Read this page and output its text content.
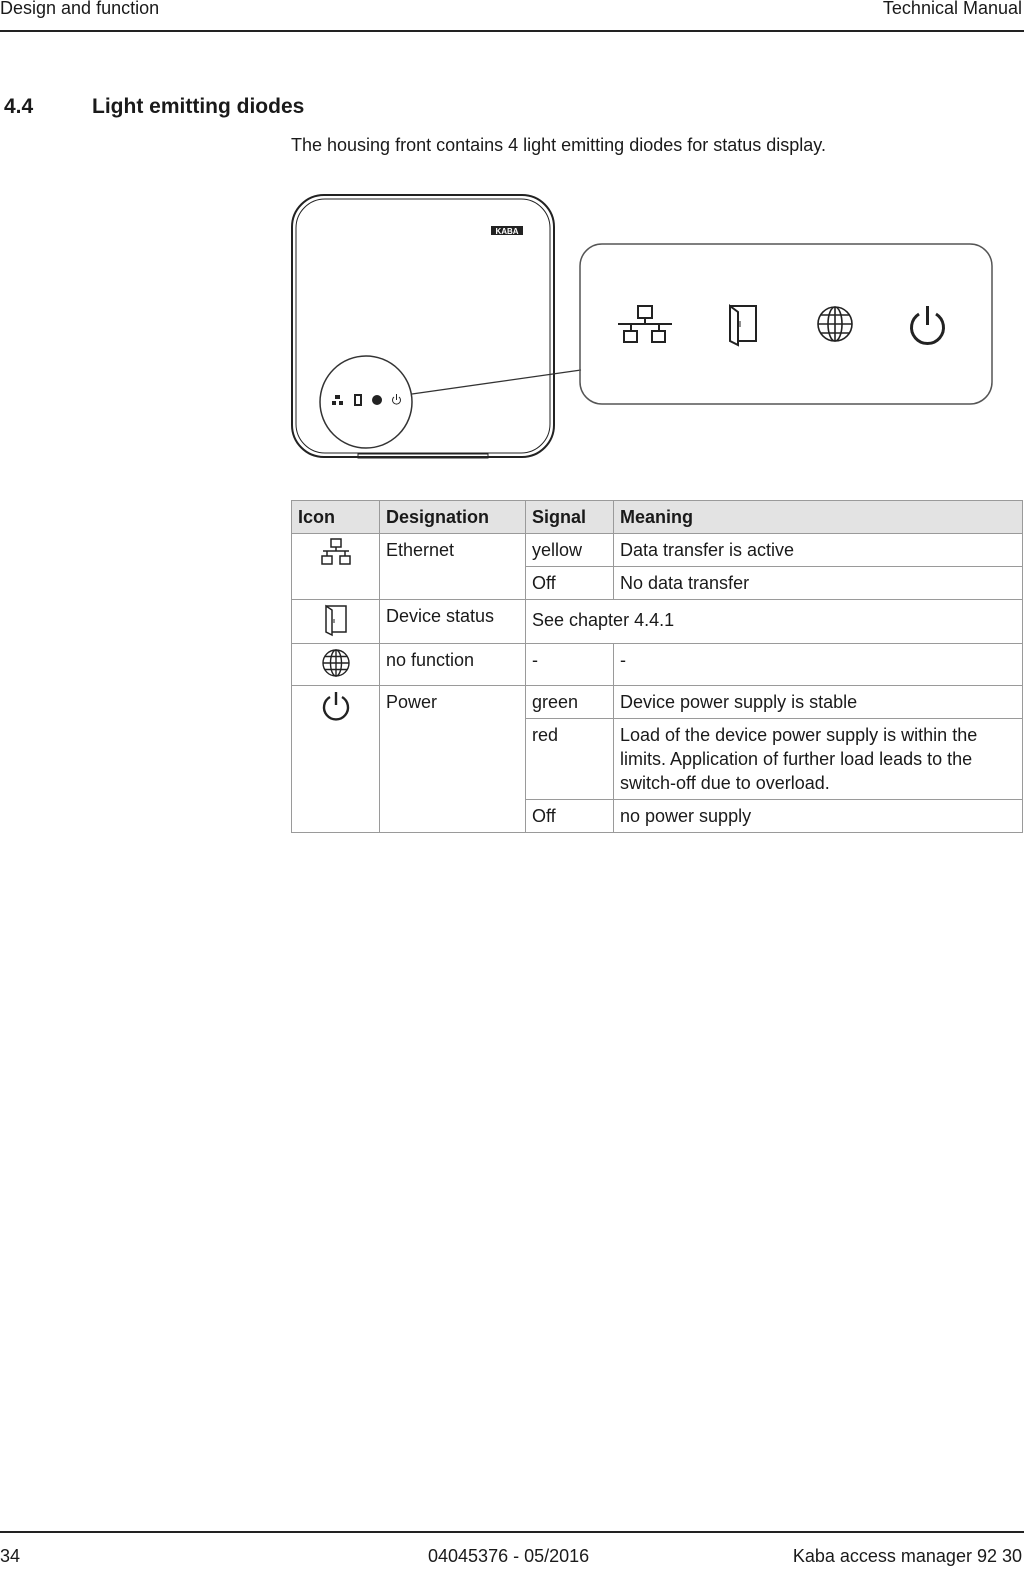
Design and function	Technical Manual
4.4	Light emitting diodes
The housing front contains 4 light emitting diodes for status display.
KABA
Icon	Designation	Signal	Meaning
	Ethernet	yellow	Data transfer is active
		Off	No data transfer
	Device status	See chapter 4.4.1	
	no function	-	-
	Power	green	Device power supply is stable
		red	Load of the device power supply is within the limits. Application of further load leads to the switch-off due to overload.
		Off	no power supply
34	04045376 - 05/2016	Kaba access manager 92 30
